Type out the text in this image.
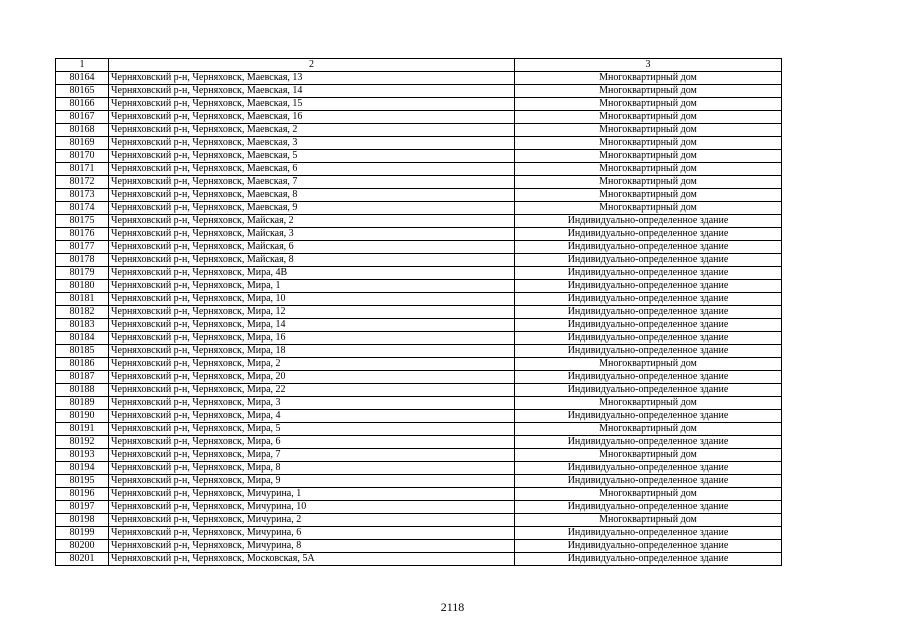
1	2	3
80164	Черняховский р-н, Черняховск, Маевская, 13	Многоквартирный дом
80165	Черняховский р-н, Черняховск, Маевская, 14	Многоквартирный дом
80166	Черняховский р-н, Черняховск, Маевская, 15	Многоквартирный дом
80167	Черняховский р-н, Черняховск, Маевская, 16	Многоквартирный дом
80168	Черняховский р-н, Черняховск, Маевская, 2	Многоквартирный дом
80169	Черняховский р-н, Черняховск, Маевская, 3	Многоквартирный дом
80170	Черняховский р-н, Черняховск, Маевская, 5	Многоквартирный дом
80171	Черняховский р-н, Черняховск, Маевская, 6	Многоквартирный дом
80172	Черняховский р-н, Черняховск, Маевская, 7	Многоквартирный дом
80173	Черняховский р-н, Черняховск, Маевская, 8	Многоквартирный дом
80174	Черняховский р-н, Черняховск, Маевская, 9	Многоквартирный дом
80175	Черняховский р-н, Черняховск, Майская, 2	Индивидуально-определенное здание
80176	Черняховский р-н, Черняховск, Майская, 3	Индивидуально-определенное здание
80177	Черняховский р-н, Черняховск, Майская, 6	Индивидуально-определенное здание
80178	Черняховский р-н, Черняховск, Майская, 8	Индивидуально-определенное здание
80179	Черняховский р-н, Черняховск, Мира, 4В	Индивидуально-определенное здание
80180	Черняховский р-н, Черняховск, Мира, 1	Индивидуально-определенное здание
80181	Черняховский р-н, Черняховск, Мира, 10	Индивидуально-определенное здание
80182	Черняховский р-н, Черняховск, Мира, 12	Индивидуально-определенное здание
80183	Черняховский р-н, Черняховск, Мира, 14	Индивидуально-определенное здание
80184	Черняховский р-н, Черняховск, Мира, 16	Индивидуально-определенное здание
80185	Черняховский р-н, Черняховск, Мира, 18	Индивидуально-определенное здание
80186	Черняховский р-н, Черняховск, Мира, 2	Многоквартирный дом
80187	Черняховский р-н, Черняховск, Мира, 20	Индивидуально-определенное здание
80188	Черняховский р-н, Черняховск, Мира, 22	Индивидуально-определенное здание
80189	Черняховский р-н, Черняховск, Мира, 3	Многоквартирный дом
80190	Черняховский р-н, Черняховск, Мира, 4	Индивидуально-определенное здание
80191	Черняховский р-н, Черняховск, Мира, 5	Многоквартирный дом
80192	Черняховский р-н, Черняховск, Мира, 6	Индивидуально-определенное здание
80193	Черняховский р-н, Черняховск, Мира, 7	Многоквартирный дом
80194	Черняховский р-н, Черняховск, Мира, 8	Индивидуально-определенное здание
80195	Черняховский р-н, Черняховск, Мира, 9	Индивидуально-определенное здание
80196	Черняховский р-н, Черняховск, Мичурина, 1	Многоквартирный дом
80197	Черняховский р-н, Черняховск, Мичурина, 10	Индивидуально-определенное здание
80198	Черняховский р-н, Черняховск, Мичурина, 2	Многоквартирный дом
80199	Черняховский р-н, Черняховск, Мичурина, 6	Индивидуально-определенное здание
80200	Черняховский р-н, Черняховск, Мичурина, 8	Индивидуально-определенное здание
80201	Черняховский р-н, Черняховск, Московская, 5А	Индивидуально-определенное здание
2118
